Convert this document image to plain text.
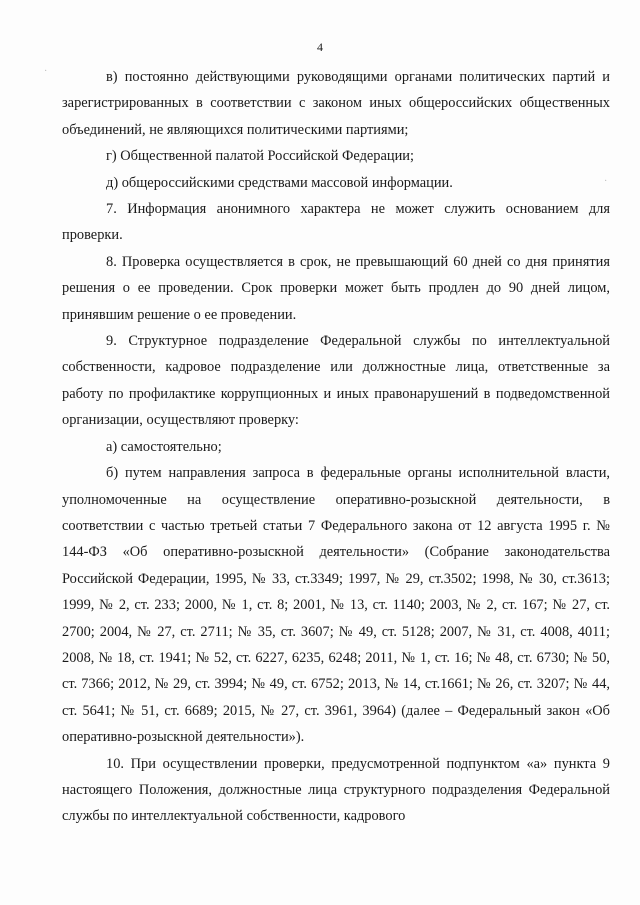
4
·
·

в) постоянно действующими руководящими органами политических партий и зарегистрированных в соответствии с законом иных общероссийских общественных объединений, не являющихся политическими партиями;

г) Общественной палатой Российской Федерации;

д) общероссийскими средствами массовой информации.

7. Информация анонимного характера не может служить основанием для проверки.

8. Проверка осуществляется в срок, не превышающий 60 дней со дня принятия решения о ее проведении. Срок проверки может быть продлен до 90 дней лицом, принявшим решение о ее проведении.

9. Структурное подразделение Федеральной службы по интеллектуальной собственности, кадровое подразделение или должностные лица, ответственные за работу по профилактике коррупционных и иных правонарушений в подведомственной организации, осуществляют проверку:

а) самостоятельно;

б) путем направления запроса в федеральные органы исполнительной власти, уполномоченные на осуществление оперативно-розыскной деятельности, в соответствии с частью третьей статьи 7 Федерального закона от 12 августа 1995 г. № 144-ФЗ «Об оперативно-розыскной деятельности» (Собрание законодательства Российской Федерации, 1995, № 33, ст.3349; 1997, № 29, ст.3502; 1998, № 30, ст.3613; 1999, № 2, ст. 233; 2000, № 1, ст. 8; 2001, № 13, ст. 1140; 2003, № 2, ст. 167; № 27, ст. 2700; 2004, № 27, ст. 2711; № 35, ст. 3607; № 49, ст. 5128; 2007, № 31, ст. 4008, 4011; 2008, № 18, ст. 1941; № 52, ст. 6227, 6235, 6248; 2011, № 1, ст. 16; № 48, ст. 6730; № 50, ст. 7366; 2012, № 29, ст. 3994; № 49, ст. 6752; 2013, № 14, ст.1661; № 26, ст. 3207; № 44, ст. 5641; № 51, ст. 6689; 2015, № 27, ст. 3961, 3964) (далее – Федеральный закон «Об оперативно-розыскной деятельности»).

10. При осуществлении проверки, предусмотренной подпунктом «а» пункта 9 настоящего Положения, должностные лица структурного подразделения Федеральной службы по интеллектуальной собственности, кадрового
